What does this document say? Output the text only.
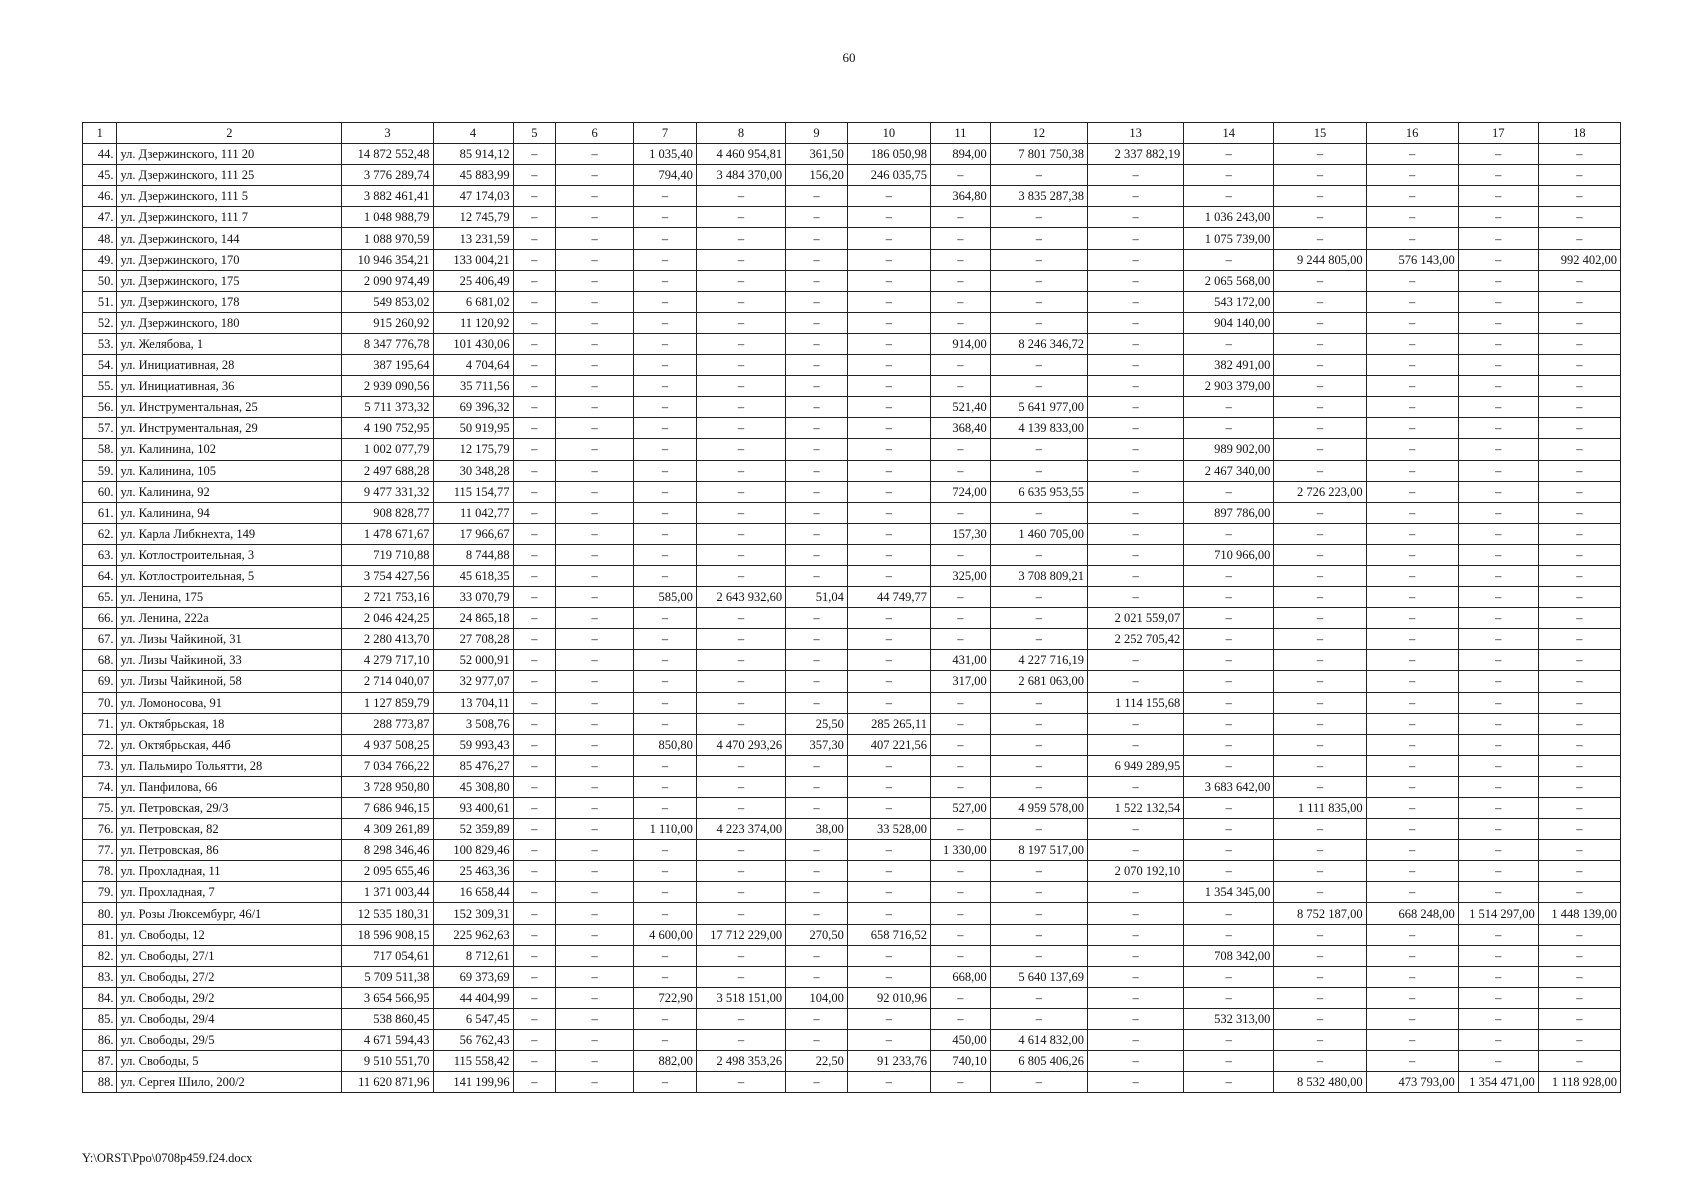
60
1	2	3	4	5	6	7	8	9	10	11	12	13	14	15	16	17	18
44.	ул. Дзержинского, 111 20	14 872 552,48	85 914,12	–	–	1 035,40	4 460 954,81	361,50	186 050,98	894,00	7 801 750,38	2 337 882,19	–	–	–	–	–
45.	ул. Дзержинского, 111 25	3 776 289,74	45 883,99	–	–	794,40	3 484 370,00	156,20	246 035,75	–	–	–	–	–	–	–	–
46.	ул. Дзержинского, 111 5	3 882 461,41	47 174,03	–	–	–	–	–	–	364,80	3 835 287,38	–	–	–	–	–	–
47.	ул. Дзержинского, 111 7	1 048 988,79	12 745,79	–	–	–	–	–	–	–	–	–	1 036 243,00	–	–	–	–
48.	ул. Дзержинского, 144	1 088 970,59	13 231,59	–	–	–	–	–	–	–	–	–	1 075 739,00	–	–	–	–
49.	ул. Дзержинского, 170	10 946 354,21	133 004,21	–	–	–	–	–	–	–	–	–	–	9 244 805,00	576 143,00	–	992 402,00
50.	ул. Дзержинского, 175	2 090 974,49	25 406,49	–	–	–	–	–	–	–	–	–	2 065 568,00	–	–	–	–
51.	ул. Дзержинского, 178	549 853,02	6 681,02	–	–	–	–	–	–	–	–	–	543 172,00	–	–	–	–
52.	ул. Дзержинского, 180	915 260,92	11 120,92	–	–	–	–	–	–	–	–	–	904 140,00	–	–	–	–
53.	ул. Желябова, 1	8 347 776,78	101 430,06	–	–	–	–	–	–	914,00	8 246 346,72	–	–	–	–	–	–
54.	ул. Инициативная, 28	387 195,64	4 704,64	–	–	–	–	–	–	–	–	–	382 491,00	–	–	–	–
55.	ул. Инициативная, 36	2 939 090,56	35 711,56	–	–	–	–	–	–	–	–	–	2 903 379,00	–	–	–	–
56.	ул. Инструментальная, 25	5 711 373,32	69 396,32	–	–	–	–	–	–	521,40	5 641 977,00	–	–	–	–	–	–
57.	ул. Инструментальная, 29	4 190 752,95	50 919,95	–	–	–	–	–	–	368,40	4 139 833,00	–	–	–	–	–	–
58.	ул. Калинина, 102	1 002 077,79	12 175,79	–	–	–	–	–	–	–	–	–	989 902,00	–	–	–	–
59.	ул. Калинина, 105	2 497 688,28	30 348,28	–	–	–	–	–	–	–	–	–	2 467 340,00	–	–	–	–
60.	ул. Калинина, 92	9 477 331,32	115 154,77	–	–	–	–	–	–	724,00	6 635 953,55	–	–	2 726 223,00	–	–	–
61.	ул. Калинина, 94	908 828,77	11 042,77	–	–	–	–	–	–	–	–	–	897 786,00	–	–	–	–
62.	ул. Карла Либкнехта, 149	1 478 671,67	17 966,67	–	–	–	–	–	–	157,30	1 460 705,00	–	–	–	–	–	–
63.	ул. Котлостроительная, 3	719 710,88	8 744,88	–	–	–	–	–	–	–	–	–	710 966,00	–	–	–	–
64.	ул. Котлостроительная, 5	3 754 427,56	45 618,35	–	–	–	–	–	–	325,00	3 708 809,21	–	–	–	–	–	–
65.	ул. Ленина, 175	2 721 753,16	33 070,79	–	–	585,00	2 643 932,60	51,04	44 749,77	–	–	–	–	–	–	–	–
66.	ул. Ленина, 222а	2 046 424,25	24 865,18	–	–	–	–	–	–	–	–	2 021 559,07	–	–	–	–	–
67.	ул. Лизы Чайкиной, 31	2 280 413,70	27 708,28	–	–	–	–	–	–	–	–	2 252 705,42	–	–	–	–	–
68.	ул. Лизы Чайкиной, 33	4 279 717,10	52 000,91	–	–	–	–	–	–	431,00	4 227 716,19	–	–	–	–	–	–
69.	ул. Лизы Чайкиной, 58	2 714 040,07	32 977,07	–	–	–	–	–	–	317,00	2 681 063,00	–	–	–	–	–	–
70.	ул. Ломоносова, 91	1 127 859,79	13 704,11	–	–	–	–	–	–	–	–	1 114 155,68	–	–	–	–	–
71.	ул. Октябрьская, 18	288 773,87	3 508,76	–	–	–	–	25,50	285 265,11	–	–	–	–	–	–	–	–
72.	ул. Октябрьская, 44б	4 937 508,25	59 993,43	–	–	850,80	4 470 293,26	357,30	407 221,56	–	–	–	–	–	–	–	–
73.	ул. Пальмиро Тольятти, 28	7 034 766,22	85 476,27	–	–	–	–	–	–	–	–	6 949 289,95	–	–	–	–	–
74.	ул. Панфилова, 66	3 728 950,80	45 308,80	–	–	–	–	–	–	–	–	–	3 683 642,00	–	–	–	–
75.	ул. Петровская, 29/3	7 686 946,15	93 400,61	–	–	–	–	–	–	527,00	4 959 578,00	1 522 132,54	–	1 111 835,00	–	–	–
76.	ул. Петровская, 82	4 309 261,89	52 359,89	–	–	1 110,00	4 223 374,00	38,00	33 528,00	–	–	–	–	–	–	–	–
77.	ул. Петровская, 86	8 298 346,46	100 829,46	–	–	–	–	–	–	1 330,00	8 197 517,00	–	–	–	–	–	–
78.	ул. Прохладная, 11	2 095 655,46	25 463,36	–	–	–	–	–	–	–	–	2 070 192,10	–	–	–	–	–
79.	ул. Прохладная, 7	1 371 003,44	16 658,44	–	–	–	–	–	–	–	–	–	1 354 345,00	–	–	–	–
80.	ул. Розы Люксембург, 46/1	12 535 180,31	152 309,31	–	–	–	–	–	–	–	–	–	–	8 752 187,00	668 248,00	1 514 297,00	1 448 139,00
81.	ул. Свободы, 12	18 596 908,15	225 962,63	–	–	4 600,00	17 712 229,00	270,50	658 716,52	–	–	–	–	–	–	–	–
82.	ул. Свободы, 27/1	717 054,61	8 712,61	–	–	–	–	–	–	–	–	–	708 342,00	–	–	–	–
83.	ул. Свободы, 27/2	5 709 511,38	69 373,69	–	–	–	–	–	–	668,00	5 640 137,69	–	–	–	–	–	–
84.	ул. Свободы, 29/2	3 654 566,95	44 404,99	–	–	722,90	3 518 151,00	104,00	92 010,96	–	–	–	–	–	–	–	–
85.	ул. Свободы, 29/4	538 860,45	6 547,45	–	–	–	–	–	–	–	–	–	532 313,00	–	–	–	–
86.	ул. Свободы, 29/5	4 671 594,43	56 762,43	–	–	–	–	–	–	450,00	4 614 832,00	–	–	–	–	–	–
87.	ул. Свободы, 5	9 510 551,70	115 558,42	–	–	882,00	2 498 353,26	22,50	91 233,76	740,10	6 805 406,26	–	–	–	–	–	–
88.	ул. Сергея Шило, 200/2	11 620 871,96	141 199,96	–	–	–	–	–	–	–	–	–	–	8 532 480,00	473 793,00	1 354 471,00	1 118 928,00
Y:\ORST\Ppo\0708p459.f24.docx
